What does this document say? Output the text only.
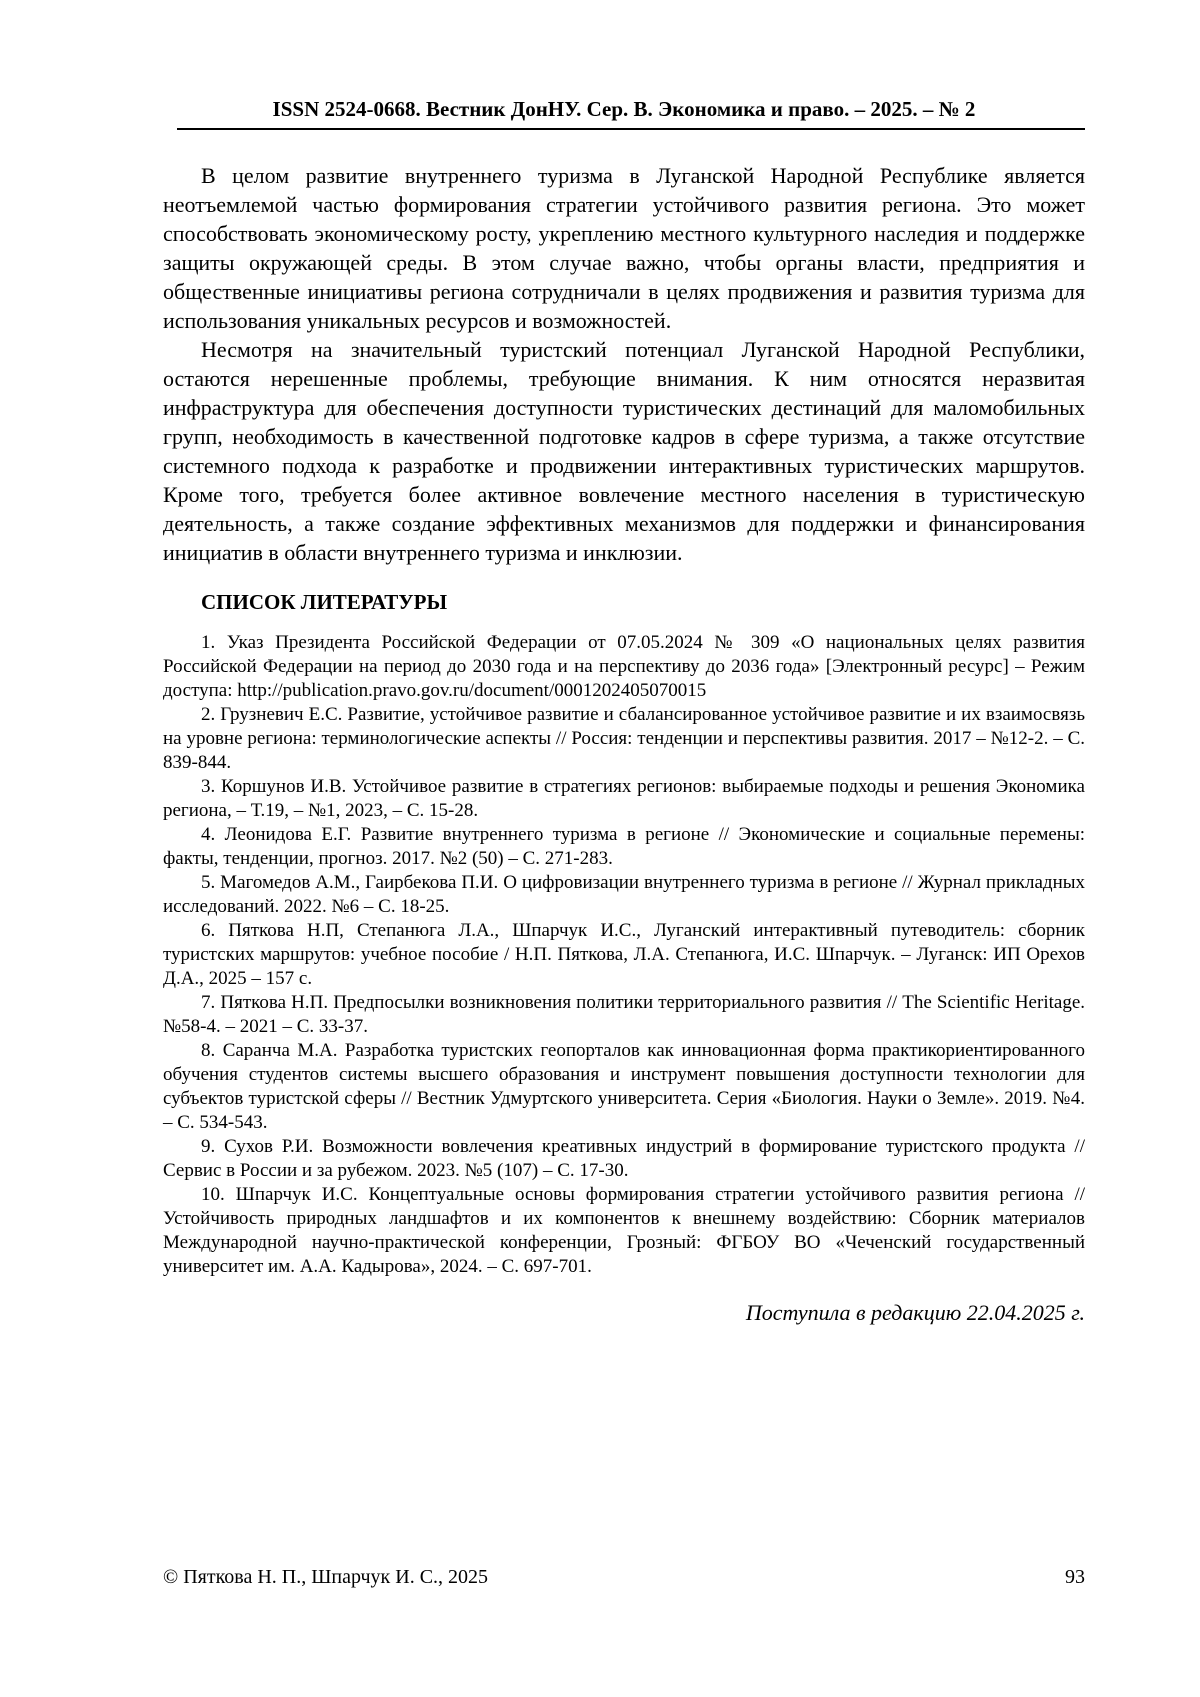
ISSN 2524-0668. Вестник ДонНУ. Сер. В. Экономика и право. – 2025. – № 2

В целом развитие внутреннего туризма в Луганской Народной Республике является неотъемлемой частью формирования стратегии устойчивого развития региона. Это может способствовать экономическому росту, укреплению местного культурного наследия и поддержке защиты окружающей среды. В этом случае важно, чтобы органы власти, предприятия и общественные инициативы региона сотрудничали в целях продвижения и развития туризма для использования уникальных ресурсов и возможностей.

Несмотря на значительный туристский потенциал Луганской Народной Республики, остаются нерешенные проблемы, требующие внимания. К ним относятся неразвитая инфраструктура для обеспечения доступности туристических дестинаций для маломобильных групп, необходимость в качественной подготовке кадров в сфере туризма, а также отсутствие системного подхода к разработке и продвижении интерактивных туристических маршрутов. Кроме того, требуется более активное вовлечение местного населения в туристическую деятельность, а также создание эффективных механизмов для поддержки и финансирования инициатив в области внутреннего туризма и инклюзии.

СПИСОК ЛИТЕРАТУРЫ

1. Указ Президента Российской Федерации от 07.05.2024 № 309 «О национальных целях развития Российской Федерации на период до 2030 года и на перспективу до 2036 года» [Электронный ресурс] – Режим доступа: http://publication.pravo.gov.ru/document/0001202405070015

2. Грузневич Е.С. Развитие, устойчивое развитие и сбалансированное устойчивое развитие и их взаимосвязь на уровне региона: терминологические аспекты // Россия: тенденции и перспективы развития. 2017 – №12-2. – С. 839-844.

3. Коршунов И.В. Устойчивое развитие в стратегиях регионов: выбираемые подходы и решения Экономика региона, – Т.19, – №1, 2023, – С. 15-28.

4. Леонидова Е.Г. Развитие внутреннего туризма в регионе // Экономические и социальные перемены: факты, тенденции, прогноз. 2017. №2 (50) – С. 271-283.

5. Магомедов А.М., Гаирбекова П.И. О цифровизации внутреннего туризма в регионе // Журнал прикладных исследований. 2022. №6 – С. 18-25.

6. Пяткова Н.П, Степанюга Л.А., Шпарчук И.С., Луганский интерактивный путеводитель: сборник туристских маршрутов: учебное пособие / Н.П. Пяткова, Л.А. Степанюга, И.С. Шпарчук. – Луганск: ИП Орехов Д.А., 2025 – 157 с.

7. Пяткова Н.П. Предпосылки возникновения политики территориального развития // The Scientific Heritage. №58-4. – 2021 – С. 33-37.

8. Саранча М.А. Разработка туристских геопорталов как инновационная форма практикориентированного обучения студентов системы высшего образования и инструмент повышения доступности технологии для субъектов туристской сферы // Вестник Удмуртского университета. Серия «Биология. Науки о Земле». 2019. №4. – С. 534-543.

9. Сухов Р.И. Возможности вовлечения креативных индустрий в формирование туристского продукта // Сервис в России и за рубежом. 2023. №5 (107) – С. 17-30.

10. Шпарчук И.С. Концептуальные основы формирования стратегии устойчивого развития региона // Устойчивость природных ландшафтов и их компонентов к внешнему воздействию: Сборник материалов Международной научно-практической конференции, Грозный: ФГБОУ ВО «Чеченский государственный университет им. А.А. Кадырова», 2024. – С. 697-701.

Поступила в редакцию 22.04.2025 г.

© Пяткова Н. П., Шпарчук И. С., 2025	93
